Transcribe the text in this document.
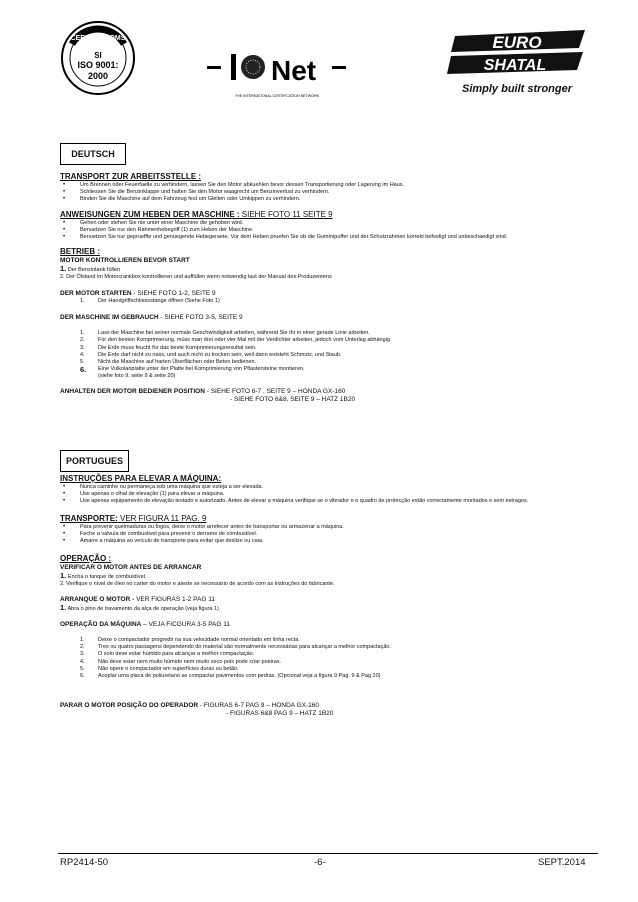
CERTIFIED QMS
SI
ISO 9001:
2000	Net
THE INTERNATIONAL CERTIFICATION NETWORK
EURO
SHATAL
Simply built stronger
DEUTSCH

TRANSPORT ZUR ARBEITSSTELLE :

• Um Brennen oder Feuerfaelle zu verhindern, lassen Sie den Motor abkuehlen bevor dessen Transportierung oder Lagerung im Haus.
• Schliessen Sie die Benzinklappe und halten Sie den Motor waagrecht um Benzinverlust zu verhindern.
• Binden Sie die Maschine auf dem Fahrzeug fest um Gleiten oder Umkippen zu verhindern.

ANWEISUNGEN ZUM HEBEN DER MASCHINE : SIEHE FOTO 11 SEITE 9

• Gehen oder stehen Sie nie unter einer Maschine die gehoben wird.
• Benuetzen Sie nur den Rahmenhebegriff (1) zum Heben der Maschine.
• Benuetzen Sie nur geprueffte und genuegende Hebegeraete. Vor dem Heben pruefen Sie ob die Gummipuffer und der Schutzrahmen korrekt befestigt und unbeschaedigt sind.

BETRIEB :

MOTOR KONTROLLIEREN BEVOR START

1. Der Benzintank füllen

2. Der Ölstand im Motorcrankbox kontrollieren und auffüllen wenn notwendig laut der Manual des Produzentens

DER MOTOR STARTEN - SIEHE FOTO 1-2, SEITE 9

1. Der Handgriffschliessstange öffnen (Siehe Foto 1)

DER MASCHINE IM GEBRAUCH - SIEHE FOTO 3-5, SEITE 9

1. Lass der Maschine bei seiner normale Geschwindigkeit arbeiten, während Sie Ihr in einer gerade Linie arbeiten.
2. Für den besten Komprimierung, müss man drei oder vier Mal mit der Verdichter arbeiten, jedoch vom Unterlag abhängig.
3. Die Erde muss feucht für das beste Komprimierungsresultat sein.
4. Die Erde darf nicht zu nass, und auch nicht zu trocken sein, weil dann entsteht Schmutz, und Staub.
5. Nicht die Maschine auf harten Überflächen oder Beton bedienen.
6. Eine Vulkolanplatte unter der Platte bei Komprimierung von Pflastersteine montieren.
(siehe foto 9, seite 9 & seite 20)

ANHALTEN DER MOTOR BEDIENER POSITION - SIEHE FOTO 6-7 , SEITE 9 – HONDA GX-160

- SIEHE FOTO 6&8, SEITE 9 – HATZ 1B20

PORTUGUES

INSTRUÇÕES PARA ELEVAR A MÁQUINA:

• Nunca caminhe ou permaneça sob uma máquina que esteja a ser elevada.
• Use apenas o olhal de elevação (1) para elevar a máquina.
• Use apenas equipamento de elevação testado e autorizado. Antes de elevar a máquina verifique se o vibrador e o quadro de protecção estão correctamente montados e sem estragos.

TRANSPORTE: VER FIGURA 11 PAG. 9

• Para prevenir queimaduras ou fogos, deixe o motor arrefecer antes de transportar ou armazenar a máquina.
• Feche a valvula de combustivel para prevenir o derrame de combustível.
• Amarre a máquina ao veículo de transporte para evitar que deslize ou caia.

OPERAÇÃO :

VERIFICAR O MOTOR ANTES DE ARRANCAR

1. Encha o tanque de combustível.

2. Verifique o nível de óleo no carter do motor e ateste se necessário de acordo com as instruções do fabricante.

ARRANQUE O MOTOR - VER FIGURAS 1-2 PAG 11

1. Abra o pino de travamento da alça de operação (veja figura 1)

OPERAÇÃO DA MÁQUINA – VEJA FICGURA 3-5 PAG 11

1. Deixe o compactador progredir na sua velocidade normal orientado em linha recta.
2. Tres ou quatro passagens dependendo do material são normalmente necessárias para alcançar a melhor compactação.
3. O solo deve estar húmido para alcançar a melhor compactação.
4. Não deve estar nem muito húmido nem muito seco pois pode criar poeiras.
5. Não opere o compactador em superfícies duras ou betão.
6. Acoplar uma placa de poliuretano se compactar pavimentos com pedras. (Opcional veja a figura 9 Pag. 9 & Pag 20)

PARAR O MOTOR POSIÇÃO DO OPERADOR - FIGURAS 6-7 PAG 9 – HONDA GX-160

- FIGURAS 6&8 PAG 9 – HATZ 1B20

RP2414-50	-6-	SEPT.2014
